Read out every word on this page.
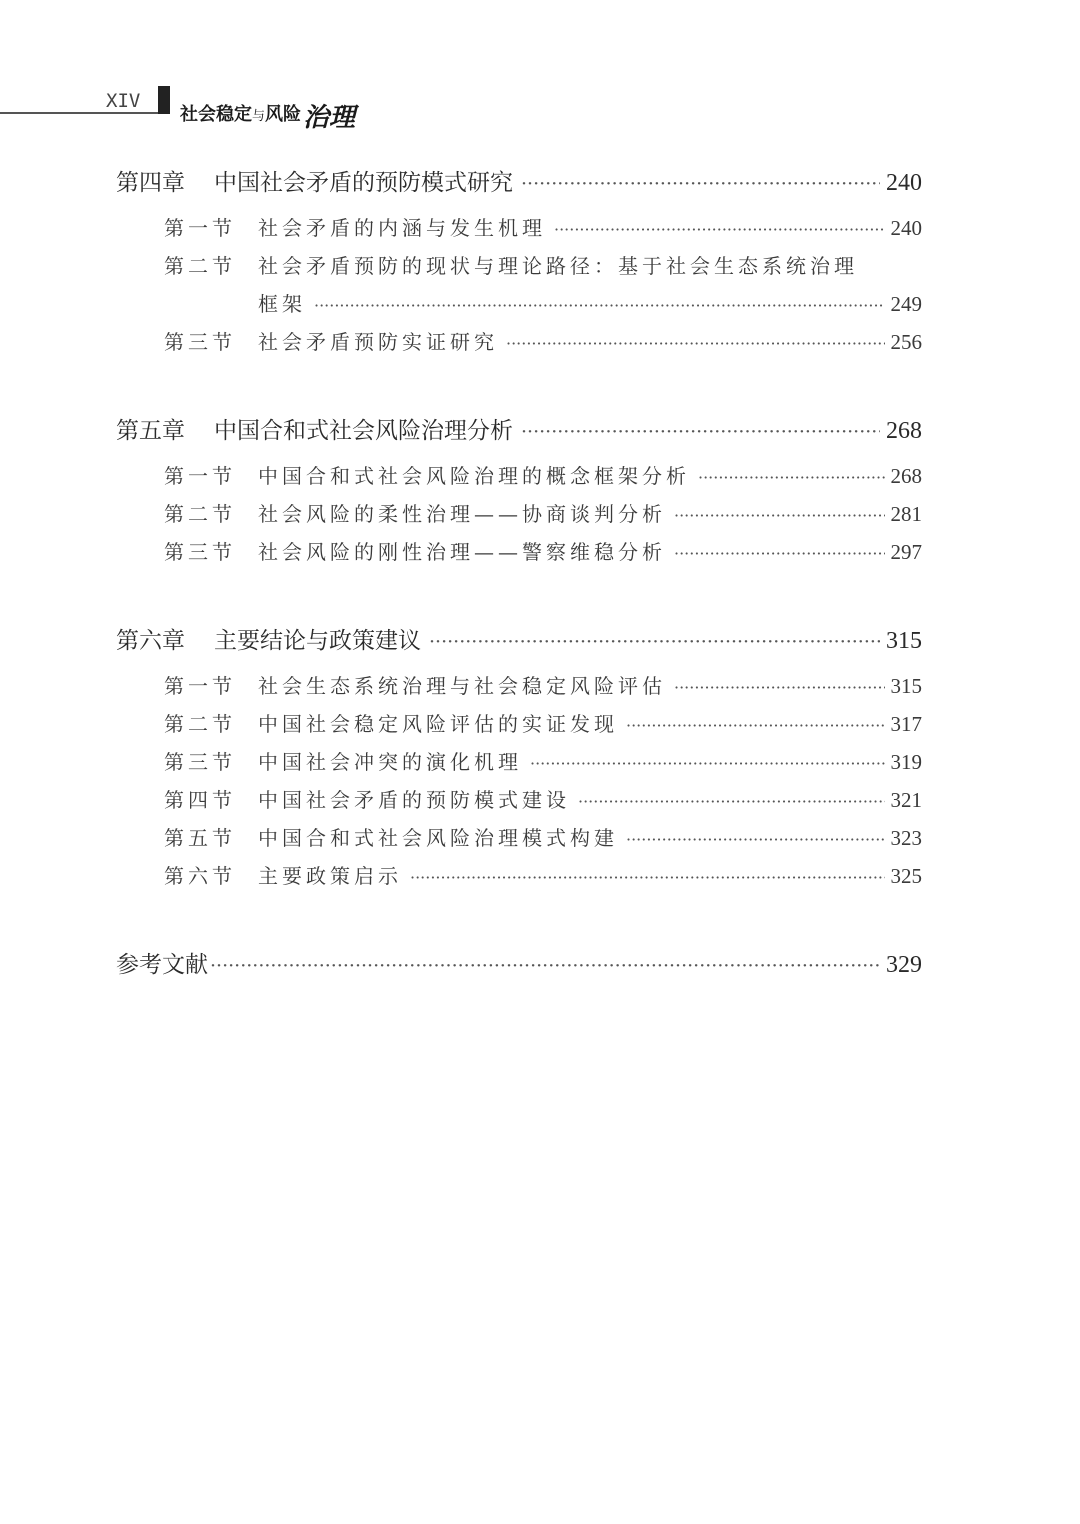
XIV
社会稳定与风险治理
第四章	中国社会矛盾的预防模式研究 ·····	240
第一节	社会矛盾的内涵与发生机理 ·····	240
第二节	社会矛盾预防的现状与理论路径：基于社会生态系统治理
框架 ·····	249
第三节	社会矛盾预防实证研究 ·····	256
第五章	中国合和式社会风险治理分析 ·····	268
第一节	中国合和式社会风险治理的概念框架分析 ·····	268
第二节	社会风险的柔性治理——协商谈判分析 ·····	281
第三节	社会风险的刚性治理——警察维稳分析 ·····	297
第六章	主要结论与政策建议 ·····	315
第一节	社会生态系统治理与社会稳定风险评估 ·····	315
第二节	中国社会稳定风险评估的实证发现 ·····	317
第三节	中国社会冲突的演化机理 ·····	319
第四节	中国社会矛盾的预防模式建设 ·····	321
第五节	中国合和式社会风险治理模式构建 ·····	323
第六节	主要政策启示 ·····	325
参考文献 ·····	329
